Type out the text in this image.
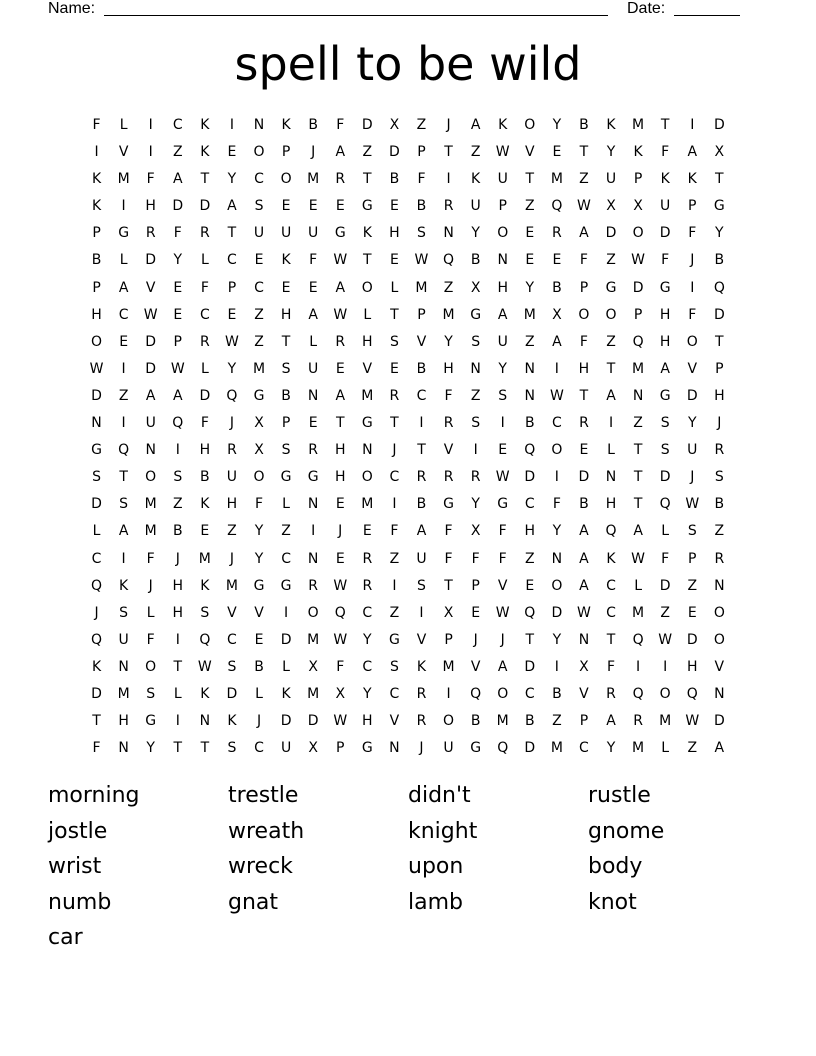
Name:	Date:
spell to be wild
F	L	I	C	K	I	N	K	B	F	D	X	Z	J	A	K	O	Y	B	K	M	T	I	D
I	V	I	Z	K	E	O	P	J	A	Z	D	P	T	Z	W	V	E	T	Y	K	F	A	X
K	M	F	A	T	Y	C	O	M	R	T	B	F	I	K	U	T	M	Z	U	P	K	K	T
K	I	H	D	D	A	S	E	E	E	G	E	B	R	U	P	Z	Q	W	X	X	U	P	G
P	G	R	F	R	T	U	U	U	G	K	H	S	N	Y	O	E	R	A	D	O	D	F	Y
B	L	D	Y	L	C	E	K	F	W	T	E	W	Q	B	N	E	E	F	Z	W	F	J	B
P	A	V	E	F	P	C	E	E	A	O	L	M	Z	X	H	Y	B	P	G	D	G	I	Q
H	C	W	E	C	E	Z	H	A	W	L	T	P	M	G	A	M	X	O	O	P	H	F	D
O	E	D	P	R	W	Z	T	L	R	H	S	V	Y	S	U	Z	A	F	Z	Q	H	O	T
W	I	D	W	L	Y	M	S	U	E	V	E	B	H	N	Y	N	I	H	T	M	A	V	P
D	Z	A	A	D	Q	G	B	N	A	M	R	C	F	Z	S	N	W	T	A	N	G	D	H
N	I	U	Q	F	J	X	P	E	T	G	T	I	R	S	I	B	C	R	I	Z	S	Y	J
G	Q	N	I	H	R	X	S	R	H	N	J	T	V	I	E	Q	O	E	L	T	S	U	R
S	T	O	S	B	U	O	G	G	H	O	C	R	R	R	W	D	I	D	N	T	D	J	S
D	S	M	Z	K	H	F	L	N	E	M	I	B	G	Y	G	C	F	B	H	T	Q	W	B
L	A	M	B	E	Z	Y	Z	I	J	E	F	A	F	X	F	H	Y	A	Q	A	L	S	Z
C	I	F	J	M	J	Y	C	N	E	R	Z	U	F	F	F	Z	N	A	K	W	F	P	R
Q	K	J	H	K	M	G	G	R	W	R	I	S	T	P	V	E	O	A	C	L	D	Z	N
J	S	L	H	S	V	V	I	O	Q	C	Z	I	X	E	W	Q	D	W	C	M	Z	E	O
Q	U	F	I	Q	C	E	D	M	W	Y	G	V	P	J	J	T	Y	N	T	Q	W	D	O
K	N	O	T	W	S	B	L	X	F	C	S	K	M	V	A	D	I	X	F	I	I	H	V
D	M	S	L	K	D	L	K	M	X	Y	C	R	I	Q	O	C	B	V	R	Q	O	Q	N
T	H	G	I	N	K	J	D	D	W	H	V	R	O	B	M	B	Z	P	A	R	M	W	D
F	N	Y	T	T	S	C	U	X	P	G	N	J	U	G	Q	D	M	C	Y	M	L	Z	A
morning	trestle	didn't	rustle
jostle	wreath	knight	gnome
wrist	wreck	upon	body
numb	gnat	lamb	knot
car
